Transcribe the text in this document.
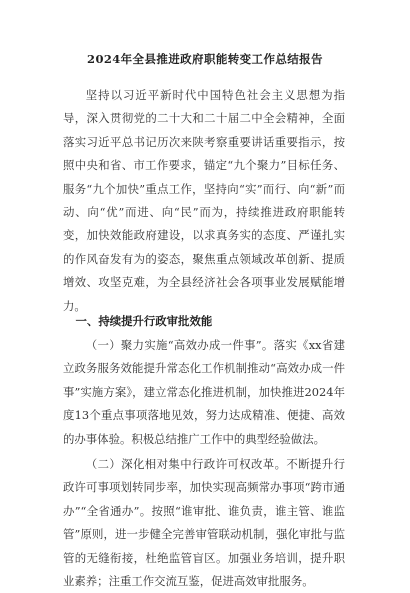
2024年全县推进政府职能转变工作总结报告

坚持以习近平新时代中国特色社会主义思想为指导，深入贯彻党的二十大和二十届二中全会精神，全面落实习近平总书记历次来陕考察重要讲话重要指示，按照中央和省、市工作要求，锚定“九个聚力”目标任务、服务“九个加快”重点工作，坚持向“实”而行、向“新”而动、向“优”而进、向“民”而为，持续推进政府职能转变，加快效能政府建设，以求真务实的态度、严谨扎实的作风奋发有为的姿态，聚焦重点领域改革创新、提质增效、攻坚克难，为全县经济社会各项事业发展赋能增力。

一、持续提升行政审批效能

（一）聚力实施“高效办成一件事”。落实《xx省建立政务服务效能提升常态化工作机制推动“高效办成一件事”实施方案》，建立常态化推进机制，加快推进2024年度13个重点事项落地见效，努力达成精准、便捷、高效的办事体验。积极总结推广工作中的典型经验做法。

（二）深化相对集中行政许可权改革。不断提升行政许可事项划转同步率，加快实现高频常办事项“跨市通办”“全省通办”。按照“谁审批、谁负责，谁主管、谁监管”原则，进一步健全完善审管联动机制，强化审批与监管的无缝衔接，杜绝监管盲区。加强业务培训，提升职业素养；注重工作交流互鉴，促进高效审批服务。
